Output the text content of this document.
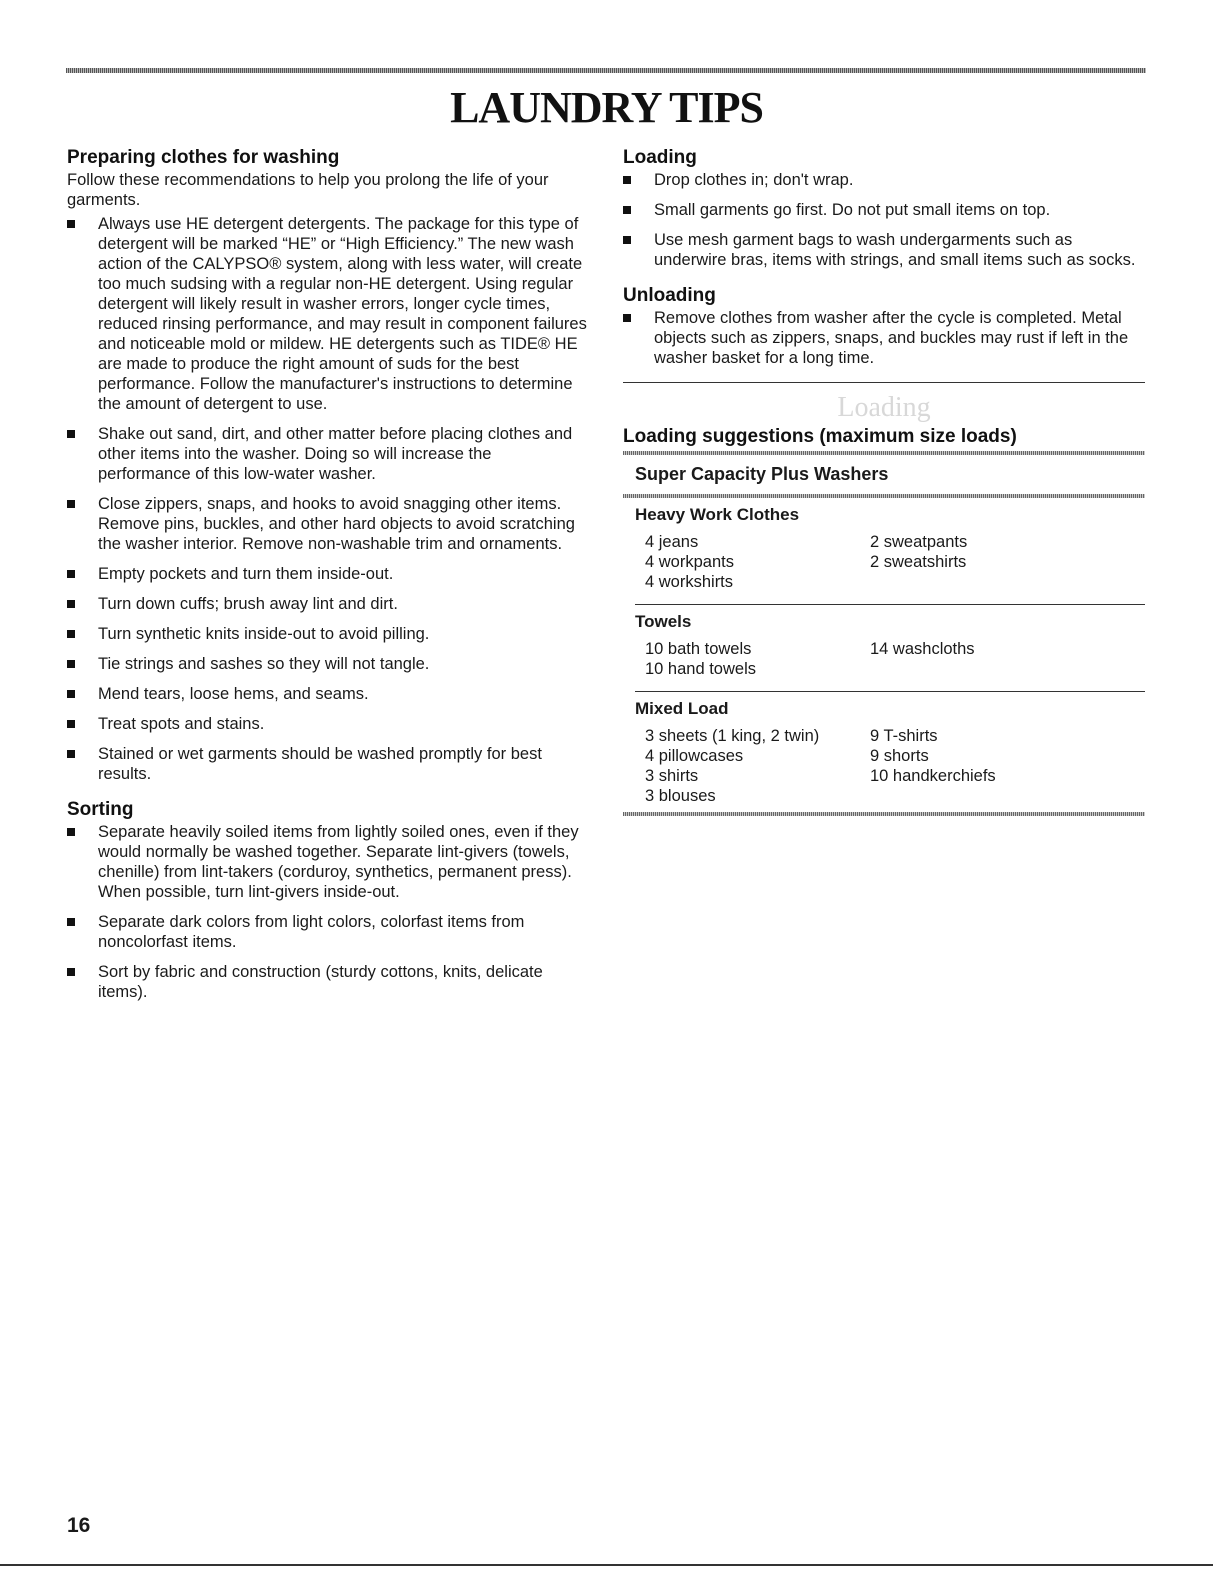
LAUNDRY TIPS
Preparing clothes for washing

Follow these recommendations to help you prolong the life of your garments.

Always use HE detergent detergents. The package for this type of detergent will be marked “HE” or “High Efficiency.” The new wash action of the CALYPSO® system, along with less water, will create too much sudsing with a regular non-HE detergent. Using regular detergent will likely result in washer errors, longer cycle times, reduced rinsing performance, and may result in component failures and noticeable mold or mildew. HE detergents such as TIDE® HE are made to produce the right amount of suds for the best performance. Follow the manufacturer's instructions to determine the amount of detergent to use.
Shake out sand, dirt, and other matter before placing clothes and other items into the washer. Doing so will increase the performance of this low-water washer.
Close zippers, snaps, and hooks to avoid snagging other items. Remove pins, buckles, and other hard objects to avoid scratching the washer interior. Remove non-washable trim and ornaments.
Empty pockets and turn them inside-out.
Turn down cuffs; brush away lint and dirt.
Turn synthetic knits inside-out to avoid pilling.
Tie strings and sashes so they will not tangle.
Mend tears, loose hems, and seams.
Treat spots and stains.
Stained or wet garments should be washed promptly for best results.
Sorting
Separate heavily soiled items from lightly soiled ones, even if they would normally be washed together. Separate lint-givers (towels, chenille) from lint-takers (corduroy, synthetics, permanent press). When possible, turn lint-givers inside-out.
Separate dark colors from light colors, colorfast items from noncolorfast items.
Sort by fabric and construction (sturdy cottons, knits, delicate items).
Loading
Drop clothes in; don't wrap.
Small garments go first. Do not put small items on top.
Use mesh garment bags to wash undergarments such as underwire bras, items with strings, and small items such as socks.
Unloading
Remove clothes from washer after the cycle is completed. Metal objects such as zippers, snaps, and buckles may rust if left in the washer basket for a long time.
Loading
Loading suggestions (maximum size loads)
Super Capacity Plus Washers
Heavy Work Clothes
4 jeans
4 workpants
4 workshirts
2 sweatpants
2 sweatshirts
Towels
10 bath towels
10 hand towels
14 washcloths
Mixed Load
3 sheets (1 king, 2 twin)
4 pillowcases
3 shirts
3 blouses
9 T-shirts
9 shorts
10 handkerchiefs
16
